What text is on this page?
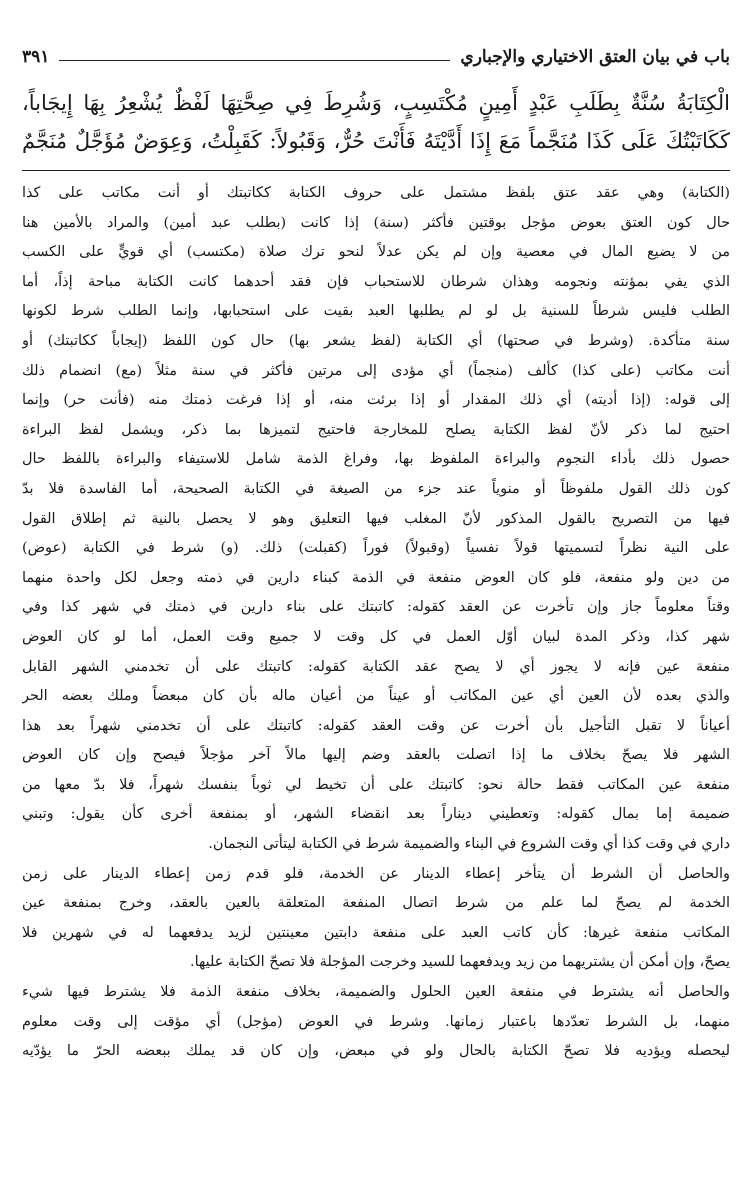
باب في بيان العتق الاختياري والإجباري
٣٩١
الْكِتَابَةُ سُنَّةٌ بِطَلَبِ عَبْدٍ أَمِينٍ مُكْتَسِبٍ، وَشُرِطَ فِي صِحَّتِهَا لَفْظٌ يُشْعِرُ بِهَا إِيجَاباً،
كَكَاتَبْتُكَ عَلَى كَذَا مُنَجَّماً مَعَ إِذَا أَدَّيْتَهُ فَأَنْتَ حُرٌّ، وَقَبُولاً: كَقَبِلْتُ، وَعِوَضٌ مُؤَجَّلٌ مُنَجَّمٌ
(الكتابة) وهي عقد عتق بلفظ مشتمل على حروف الكتابة ككاتبتك أو أنت مكاتب على كذا
حال كون العتق بعوض مؤجل بوقتين فأكثر (سنة) إذا كانت (بطلب عبد أمين) والمراد بالأمين هنا
من لا يضيع المال في معصية وإن لم يكن عدلاً لنحو ترك صلاة (مكتسب) أي قويٍّ على الكسب
الذي يفي بمؤنته ونجومه وهذان شرطان للاستحباب فإن فقد أحدهما كانت الكتابة مباحة إذاً، أما
الطلب فليس شرطاً للسنية بل لو لم يطلبها العبد بقيت على استحبابها، وإنما الطلب شرط لكونها
سنة متأكدة. (وشرط في صحتها) أي الكتابة (لفظ يشعر بها) حال كون اللفظ (إيجاباً ككاتبتك) أو
أنت مكاتب (على كذا) كألف (منجماً) أي مؤدى إلى مرتين فأكثر في سنة مثلاً (مع) انضمام ذلك
إلى قوله: (إذا أديته) أي ذلك المقدار أو إذا برئت منه، أو إذا فرغت ذمتك منه (فأنت حر) وإنما
احتيج لما ذكر لأنّ لفظ الكتابة يصلح للمخارجة فاحتيج لتميزها بما ذكر، ويشمل لفظ البراءة
حصول ذلك بأداء النجوم والبراءة الملفوظ بها، وفراغ الذمة شامل للاستيفاء والبراءة باللفظ حال
كون ذلك القول ملفوظاً أو منوياً عند جزء من الصيغة في الكتابة الصحيحة، أما الفاسدة فلا بدّ
فيها من التصريح بالقول المذكور لأنّ المغلب فيها التعليق وهو لا يحصل بالنية ثم إطلاق القول
على النية نظراً لتسميتها قولاً نفسياً (وقبولاً) فوراً (كقبلت) ذلك. (و) شرط في الكتابة (عوض)
من دين ولو منفعة، فلو كان العوض منفعة في الذمة كبناء دارين في ذمته وجعل لكل واحدة منهما
وقتاً معلوماً جاز وإن تأخرت عن العقد كقوله: كاتبتك على بناء دارين في ذمتك في شهر كذا وفي
شهر كذا، وذكر المدة لبيان أوّل العمل في كل وقت لا جميع وقت العمل، أما لو كان العوض
منفعة عين فإنه لا يجوز أي لا يصح عقد الكتابة كقوله: كاتبتك على أن تخدمني الشهر القابل
والذي بعده لأن العين أي عين المكاتب أو عيناً من أعيان ماله بأن كان مبعضاً وملك بعضه الحر
أعياناً لا تقبل التأجيل بأن أخرت عن وقت العقد كقوله: كاتبتك على أن تخدمني شهراً بعد هذا
الشهر فلا يصحّ بخلاف ما إذا اتصلت بالعقد وضم إليها مالاً آخر مؤجلاً فيصح وإن كان العوض
منفعة عين المكاتب فقط حالة نحو: كاتبتك على أن تخيط لي ثوباً بنفسك شهراً، فلا بدّ معها من
ضميمة إما بمال كقوله: وتعطيني ديناراً بعد انقضاء الشهر، أو بمنفعة أخرى كأن يقول: وتبني
داري في وقت كذا أي وقت الشروع في البناء والضميمة شرط في الكتابة ليتأتى النجمان.
والحاصل أن الشرط أن يتأخر إعطاء الدينار عن الخدمة، فلو قدم زمن إعطاء الدينار على زمن
الخدمة لم يصحّ لما علم من شرط اتصال المنفعة المتعلقة بالعين بالعقد، وخرج بمنفعة عين
المكاتب منفعة غيرها: كأن كاتب العبد على منفعة دابتين معينتين لزيد يدفعهما له في شهرين فلا
يصحّ، وإن أمكن أن يشتريهما من زيد ويدفعهما للسيد وخرجت المؤجلة فلا تصحّ الكتابة عليها.
والحاصل أنه يشترط في منفعة العين الحلول والضميمة، بخلاف منفعة الذمة فلا يشترط فيها شيء
منهما، بل الشرط تعدّدها باعتبار زمانها. وشرط في العوض (مؤجل) أي مؤقت إلى وقت معلوم
ليحصله ويؤديه فلا تصحّ الكتابة بالحال ولو في مبعض، وإن كان قد يملك ببعضه الحرّ ما يؤدّيه
